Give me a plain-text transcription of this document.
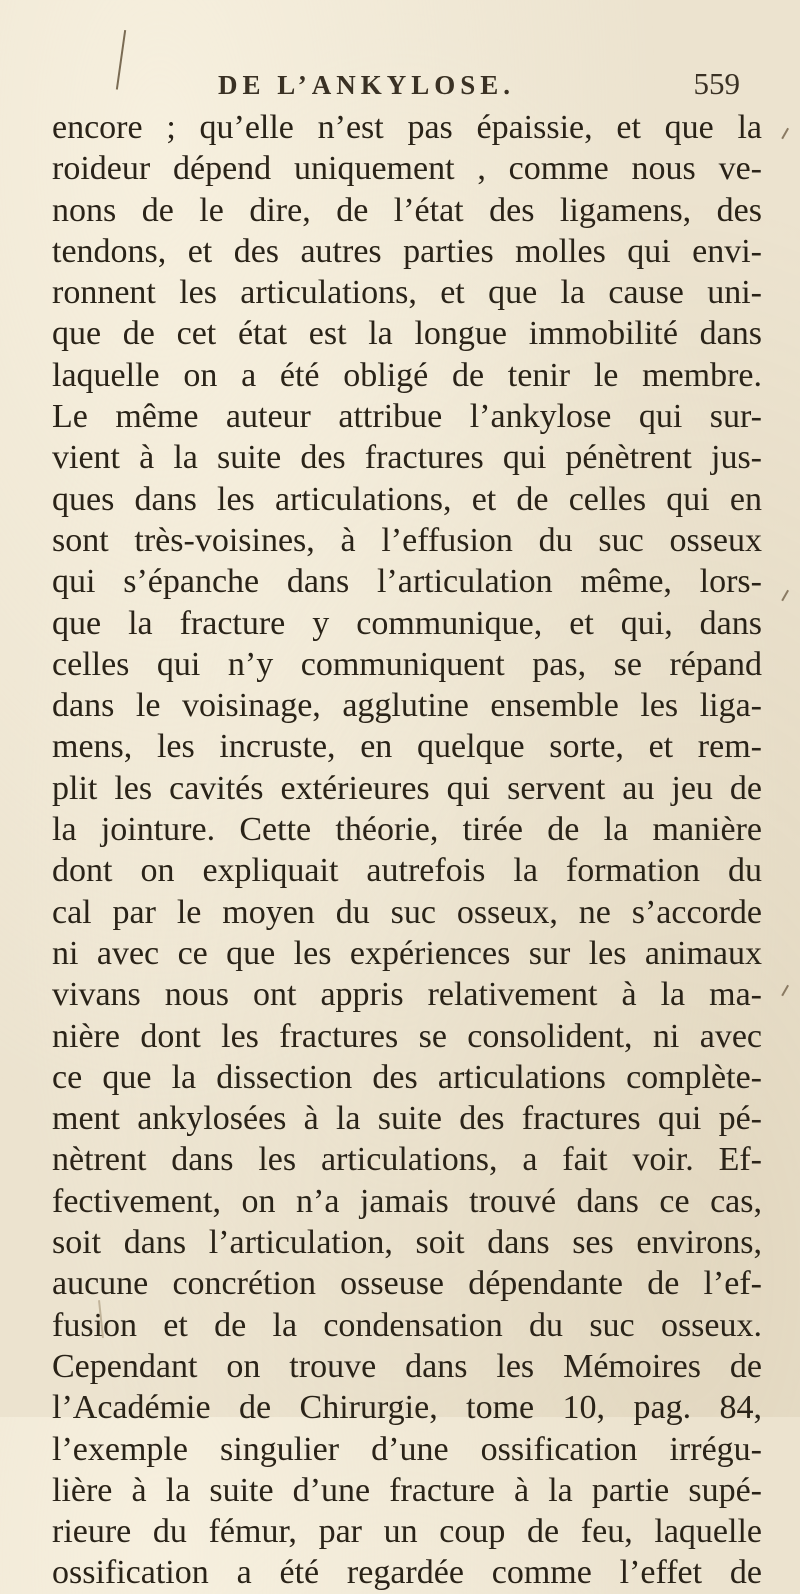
DE L’ANKYLOSE.	559
encore ; qu’elle n’est pas épaissie, et que la
roideur dépend uniquement , comme nous ve-
nons de le dire, de l’état des ligamens, des
tendons, et des autres parties molles qui envi-
ronnent les articulations, et que la cause uni-
que de cet état est la longue immobilité dans
laquelle on a été obligé de tenir le membre.
Le même auteur attribue l’ankylose qui sur-
vient à la suite des fractures qui pénètrent jus-
ques dans les articulations, et de celles qui en
sont très-voisines, à l’effusion du suc osseux
qui s’épanche dans l’articulation même, lors-
que la fracture y communique, et qui, dans
celles qui n’y communiquent pas, se répand
dans le voisinage, agglutine ensemble les liga-
mens, les incruste, en quelque sorte, et rem-
plit les cavités extérieures qui servent au jeu de
la jointure. Cette théorie, tirée de la manière
dont on expliquait autrefois la formation du
cal par le moyen du suc osseux, ne s’accorde
ni avec ce que les expériences sur les animaux
vivans nous ont appris relativement à la ma-
nière dont les fractures se consolident, ni avec
ce que la dissection des articulations complète-
ment ankylosées à la suite des fractures qui pé-
nètrent dans les articulations, a fait voir. Ef-
fectivement, on n’a jamais trouvé dans ce cas,
soit dans l’articulation, soit dans ses environs,
aucune concrétion osseuse dépendante de l’ef-
fusion et de la condensation du suc osseux.
Cependant on trouve dans les Mémoires de
l’Académie de Chirurgie, tome 10, pag. 84,
l’exemple singulier d’une ossification irrégu-
lière à la suite d’une fracture à la partie supé-
rieure du fémur, par un coup de feu, laquelle
ossification a été regardée comme l’effet de
